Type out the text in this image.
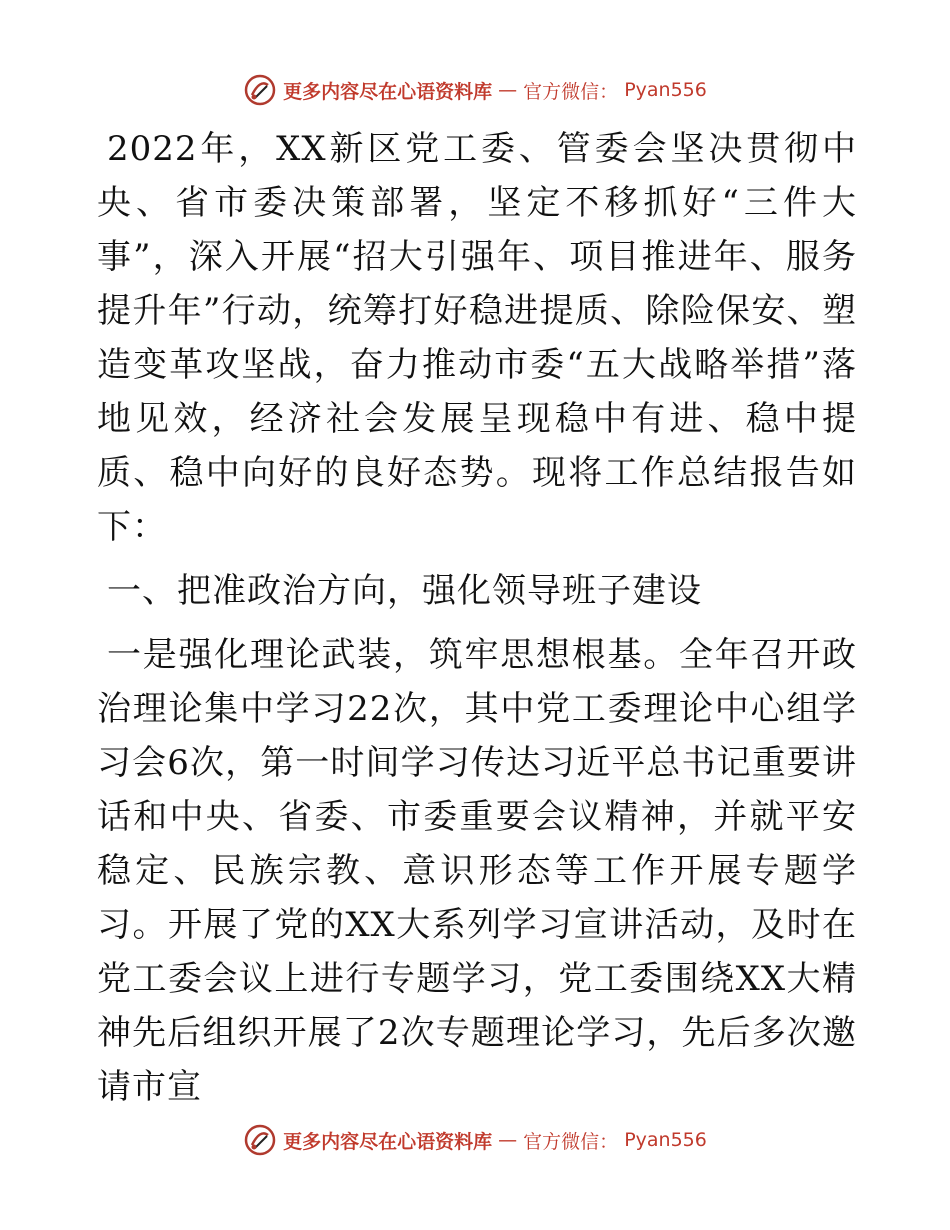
更多内容尽在心语资料库 — 官方微信： Pyan556

2022年，XX新区党工委、管委会坚决贯彻中央、省市委决策部署，坚定不移抓好“三件大事”，深入开展“招大引强年、项目推进年、服务提升年”行动，统筹打好稳进提质、除险保安、塑造变革攻坚战，奋力推动市委“五大战略举措”落地见效，经济社会发展呈现稳中有进、稳中提质、稳中向好的良好态势。现将工作总结报告如下：

一、把准政治方向，强化领导班子建设

一是强化理论武装，筑牢思想根基。全年召开政治理论集中学习22次，其中党工委理论中心组学习会6次，第一时间学习传达习近平总书记重要讲话和中央、省委、市委重要会议精神，并就平安稳定、民族宗教、意识形态等工作开展专题学习。开展了党的XX大系列学习宣讲活动，及时在党工委会议上进行专题学习，党工委围绕XX大精神先后组织开展了2次专题理论学习，先后多次邀请市宣

更多内容尽在心语资料库 — 官方微信： Pyan556
